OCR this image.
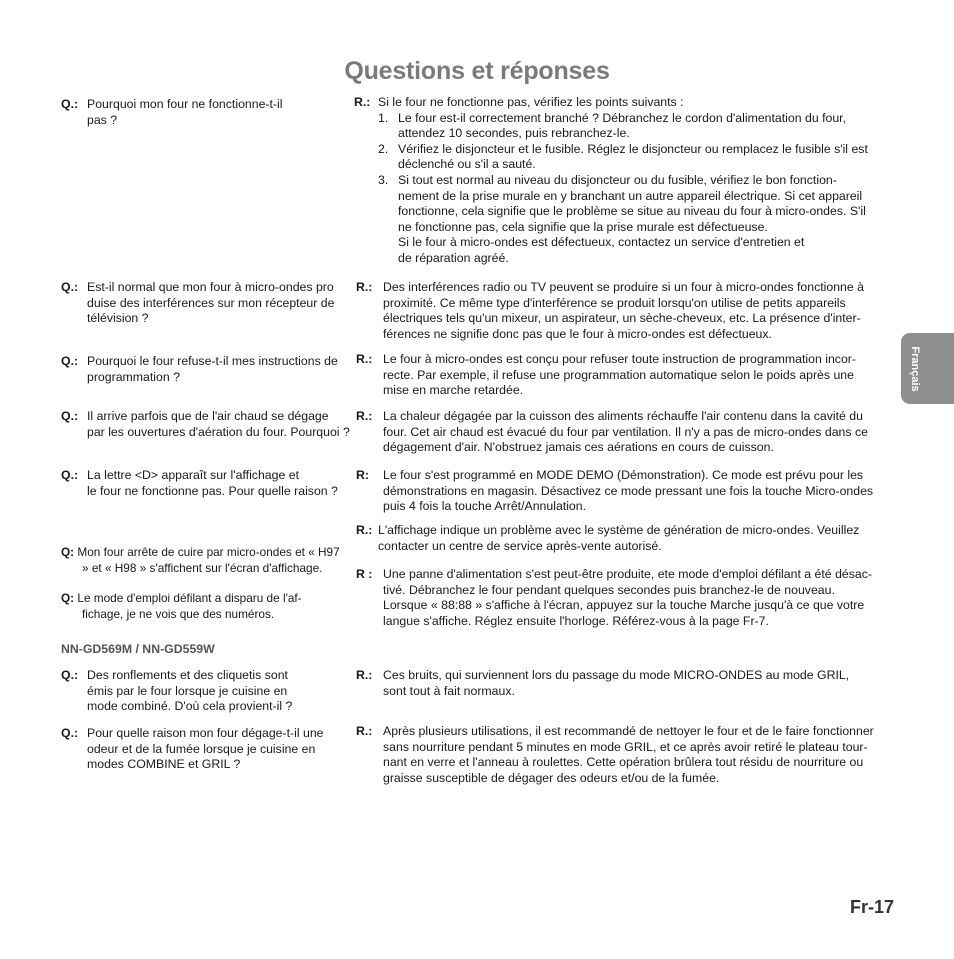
Questions et réponses
Français
Q.: Pourquoi mon four ne fonctionne-t-il
pas ?
R.: Si le four ne fonctionne pas, vérifiez les points suivants :
1. Le four est-il correctement branché ? Débranchez le cordon d'alimentation du four,
attendez 10 secondes, puis rebranchez-le.
2. Vérifiez le disjoncteur et le fusible. Réglez le disjoncteur ou remplacez le fusible s'il est
déclenché ou s'il a sauté.
3. Si tout est normal au niveau du disjoncteur ou du fusible, vérifiez le bon fonction-
nement de la prise murale en y branchant un autre appareil électrique. Si cet appareil
fonctionne, cela signifie que le problème se situe au niveau du four à micro-ondes. S'il
ne fonctionne pas, cela signifie que la prise murale est défectueuse.
Si le four à micro-ondes est défectueux, contactez un service d'entretien et
de réparation agréé.
Q.: Est-il normal que mon four à micro-ondes pro
duise des interférences sur mon récepteur de
télévision ?
R.: Des interférences radio ou TV peuvent se produire si un four à micro-ondes fonctionne à
proximité. Ce même type d'interférence se produit lorsqu'on utilise de petits appareils
électriques tels qu'un mixeur, un aspirateur, un sèche-cheveux, etc. La présence d'inter-
férences ne signifie donc pas que le four à micro-ondes est défectueux.
Q.: Pourquoi le four refuse-t-il mes instructions de
programmation ?
R.: Le four à micro-ondes est conçu pour refuser toute instruction de programmation incor-
recte. Par exemple, il refuse une programmation automatique selon le poids après une
mise en marche retardée.
Q.: Il arrive parfois que de l'air chaud se dégage
par les ouvertures d'aération du four. Pourquoi ?
R.: La chaleur dégagée par la cuisson des aliments réchauffe l'air contenu dans la cavité du
four. Cet air chaud est évacué du four par ventilation. Il n'y a pas de micro-ondes dans ce
dégagement d'air. N'obstruez jamais ces aérations en cours de cuisson.
Q.: La lettre <D> apparaît sur l'affichage et
le four ne fonctionne pas. Pour quelle raison ?
R:	Le four s'est programmé en MODE DEMO (Démonstration). Ce mode est prévu pour les
démonstrations en magasin. Désactivez ce mode pressant une fois la touche Micro-ondes
puis 4 fois la touche Arrêt/Annulation.
Q: Mon four arrête de cuire par micro-ondes et « H97
» et « H98 » s'affichent sur l'écran d'affichage.
R.: L'affichage indique un problème avec le système de génération de micro-ondes. Veuillez
contacter un centre de service après-vente autorisé.
Q: Le mode d'emploi défilant a disparu de l'af-
fichage, je ne vois que des numéros.
R : Une panne d'alimentation s'est peut-être produite, ete mode d'emploi défilant a été désac-
tivé. Débranchez le four pendant quelques secondes puis branchez-le de nouveau.
Lorsque « 88:88 » s'affiche à l'écran, appuyez sur la touche Marche jusqu'à ce que votre
langue s'affiche. Réglez ensuite l'horloge. Référez-vous à la page Fr-7.
NN-GD569M / NN-GD559W
Q.: Des ronflements et des cliquetis sont
émis par le four lorsque je cuisine en
mode combiné. D'où cela provient-il ?
R.: Ces bruits, qui surviennent lors du passage du mode MICRO-ONDES au mode GRIL,
sont tout à fait normaux.
Q.: Pour quelle raison mon four dégage-t-il une
odeur et de la fumée lorsque je cuisine en
modes COMBINE et GRIL ?
R.: Après plusieurs utilisations, il est recommandé de nettoyer le four et de le faire fonctionner
sans nourriture pendant 5 minutes en mode GRIL, et ce après avoir retiré le plateau tour-
nant en verre et l'anneau à roulettes. Cette opération brûlera tout résidu de nourriture ou
graisse susceptible de dégager des odeurs et/ou de la fumée.
Fr-17
